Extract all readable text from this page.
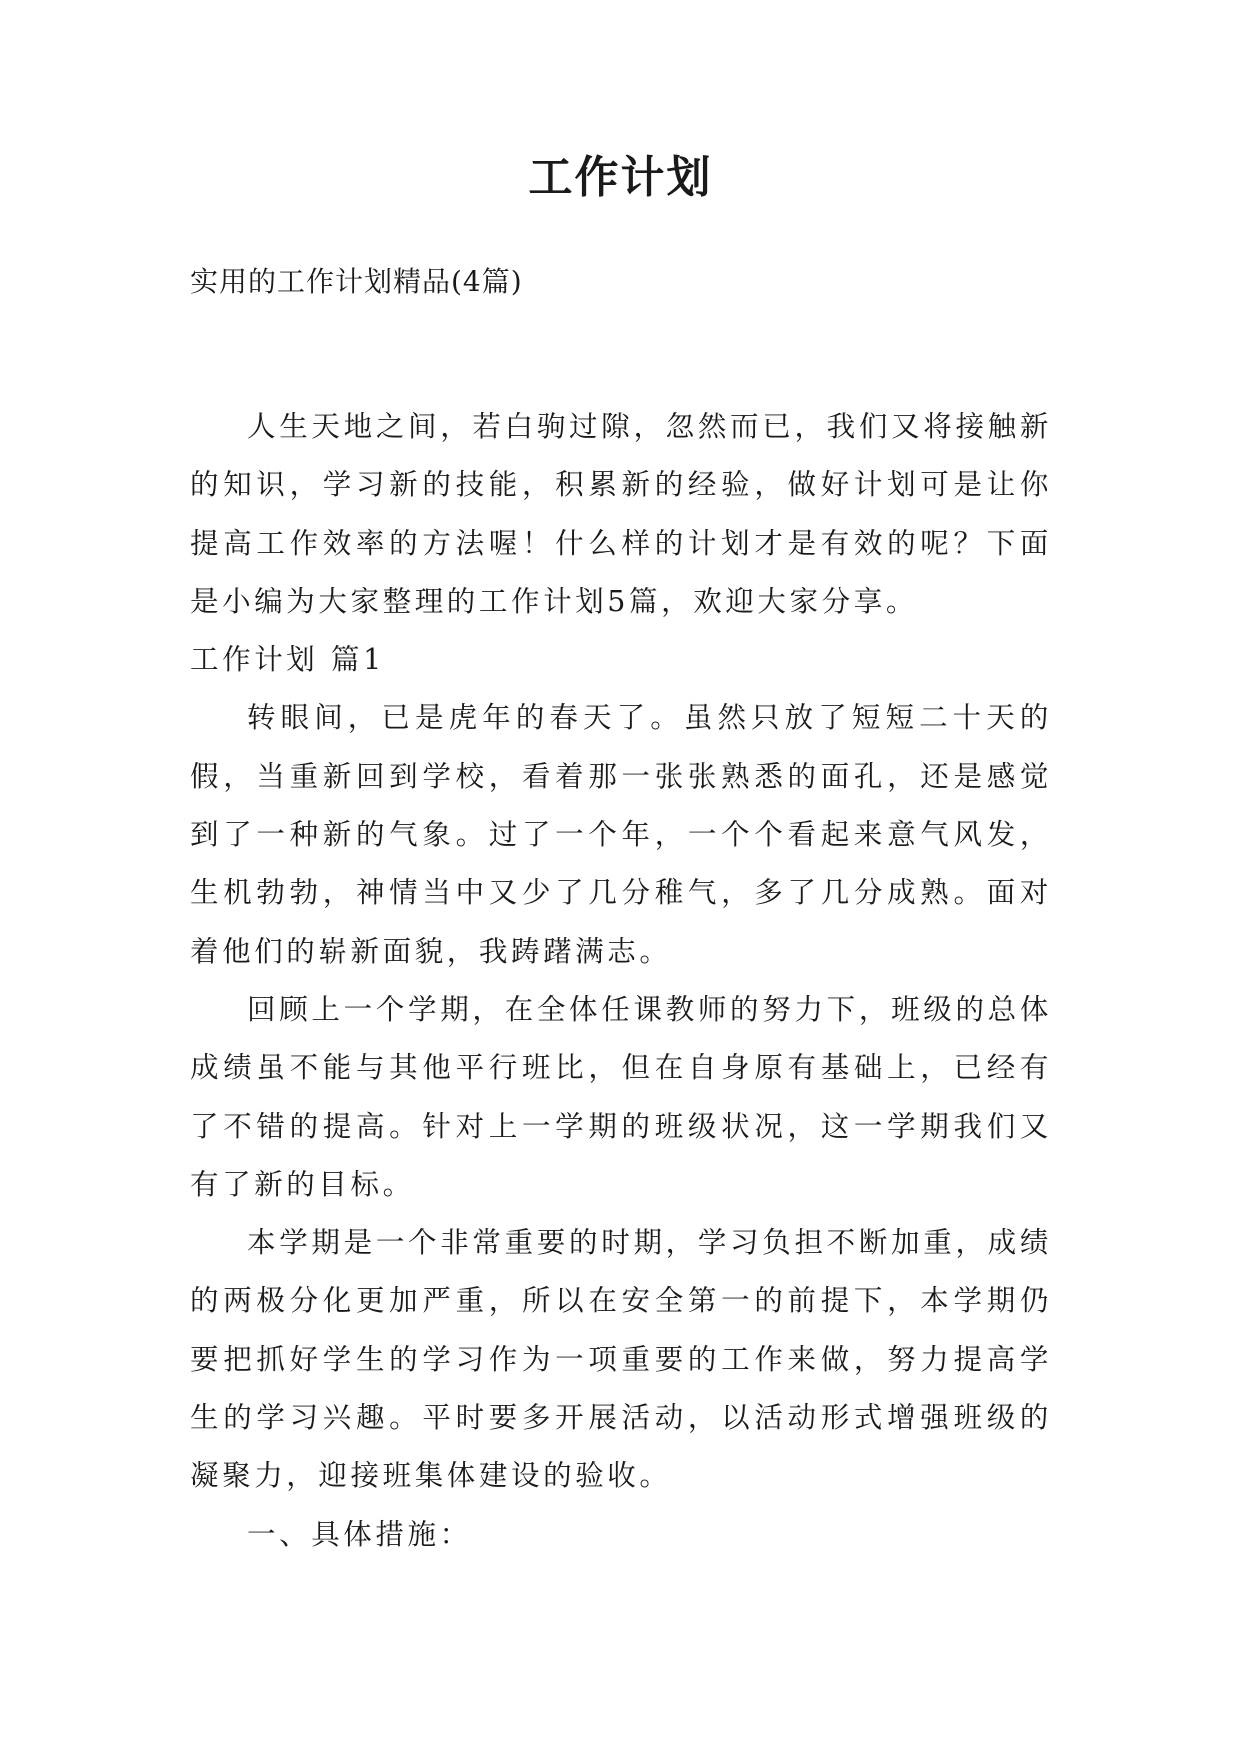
工作计划
实用的工作计划精品(4篇)

人生天地之间，若白驹过隙，忽然而已，我们又将接触新的知识，学习新的技能，积累新的经验，做好计划可是让你提高工作效率的方法喔！什么样的计划才是有效的呢？下面是小编为大家整理的工作计划5篇，欢迎大家分享。

工作计划 篇1

转眼间，已是虎年的春天了。虽然只放了短短二十天的假，当重新回到学校，看着那一张张熟悉的面孔，还是感觉到了一种新的气象。过了一个年，一个个看起来意气风发，生机勃勃，神情当中又少了几分稚气，多了几分成熟。面对着他们的崭新面貌，我踌躇满志。

回顾上一个学期，在全体任课教师的努力下，班级的总体成绩虽不能与其他平行班比，但在自身原有基础上，已经有了不错的提高。针对上一学期的班级状况，这一学期我们又有了新的目标。

本学期是一个非常重要的时期，学习负担不断加重，成绩的两极分化更加严重，所以在安全第一的前提下，本学期仍要把抓好学生的学习作为一项重要的工作来做，努力提高学生的学习兴趣。平时要多开展活动，以活动形式增强班级的凝聚力，迎接班集体建设的验收。

一、具体措施：
